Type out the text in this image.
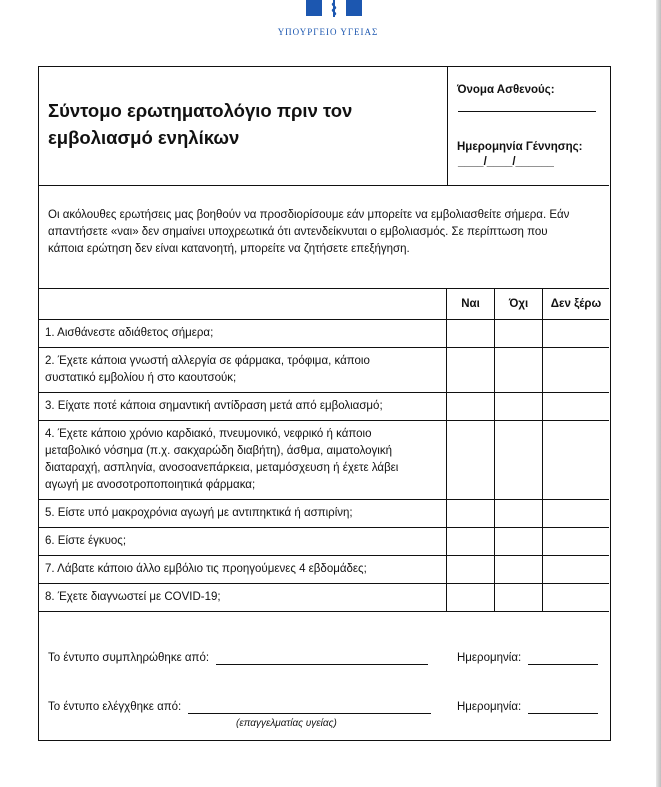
ΥΠΟΥΡΓΕΙΟ ΥΓΕΙΑΣ
Σύντομο ερωτηματολόγιο πριν τον
εμβολιασμό ενηλίκων
Όνομα Ασθενούς:
Ημερομηνία Γέννησης:
____/____/______
Οι ακόλουθες ερωτήσεις μας βοηθούν να προσδιορίσουμε εάν μπορείτε να εμβολιασθείτε σήμερα. Εάν
απαντήσετε «ναι» δεν σημαίνει υποχρεωτικά ότι αντενδείκνυται ο εμβολιασμός. Σε περίπτωση που
κάποια ερώτηση δεν είναι κατανοητή, μπορείτε να ζητήσετε επεξήγηση.
	Ναι	Όχι	Δεν ξέρω

1. Αισθάνεστε αδιάθετος σήμερα;			

2. Έχετε κάποια γνωστή αλλεργία σε φάρμακα, τρόφιμα, κάποιο
συστατικό εμβολίου ή στο καουτσούκ;			

3. Είχατε ποτέ κάποια σημαντική αντίδραση μετά από εμβολιασμό;			

4. Έχετε κάποιο χρόνιο καρδιακό, πνευμονικό, νεφρικό ή κάποιο
μεταβολικό νόσημα (π.χ. σακχαρώδη διαβήτη), άσθμα, αιματολογική
διαταραχή, ασπληνία, ανοσοανεπάρκεια, μεταμόσχευση ή έχετε λάβει
αγωγή με ανοσοτροποποιητικά φάρμακα;			

5. Είστε υπό μακροχρόνια αγωγή με αντιπηκτικά ή ασπιρίνη;			

6. Είστε έγκυος;			

7. Λάβατε κάποιο άλλο εμβόλιο τις προηγούμενες 4 εβδομάδες;			

8. Έχετε διαγνωστεί με COVID-19;			

Το έντυπο συμπληρώθηκε από:	Ημερομηνία:
Το έντυπο ελέγχθηκε από:	Ημερομηνία:
(επαγγελματίας υγείας)
